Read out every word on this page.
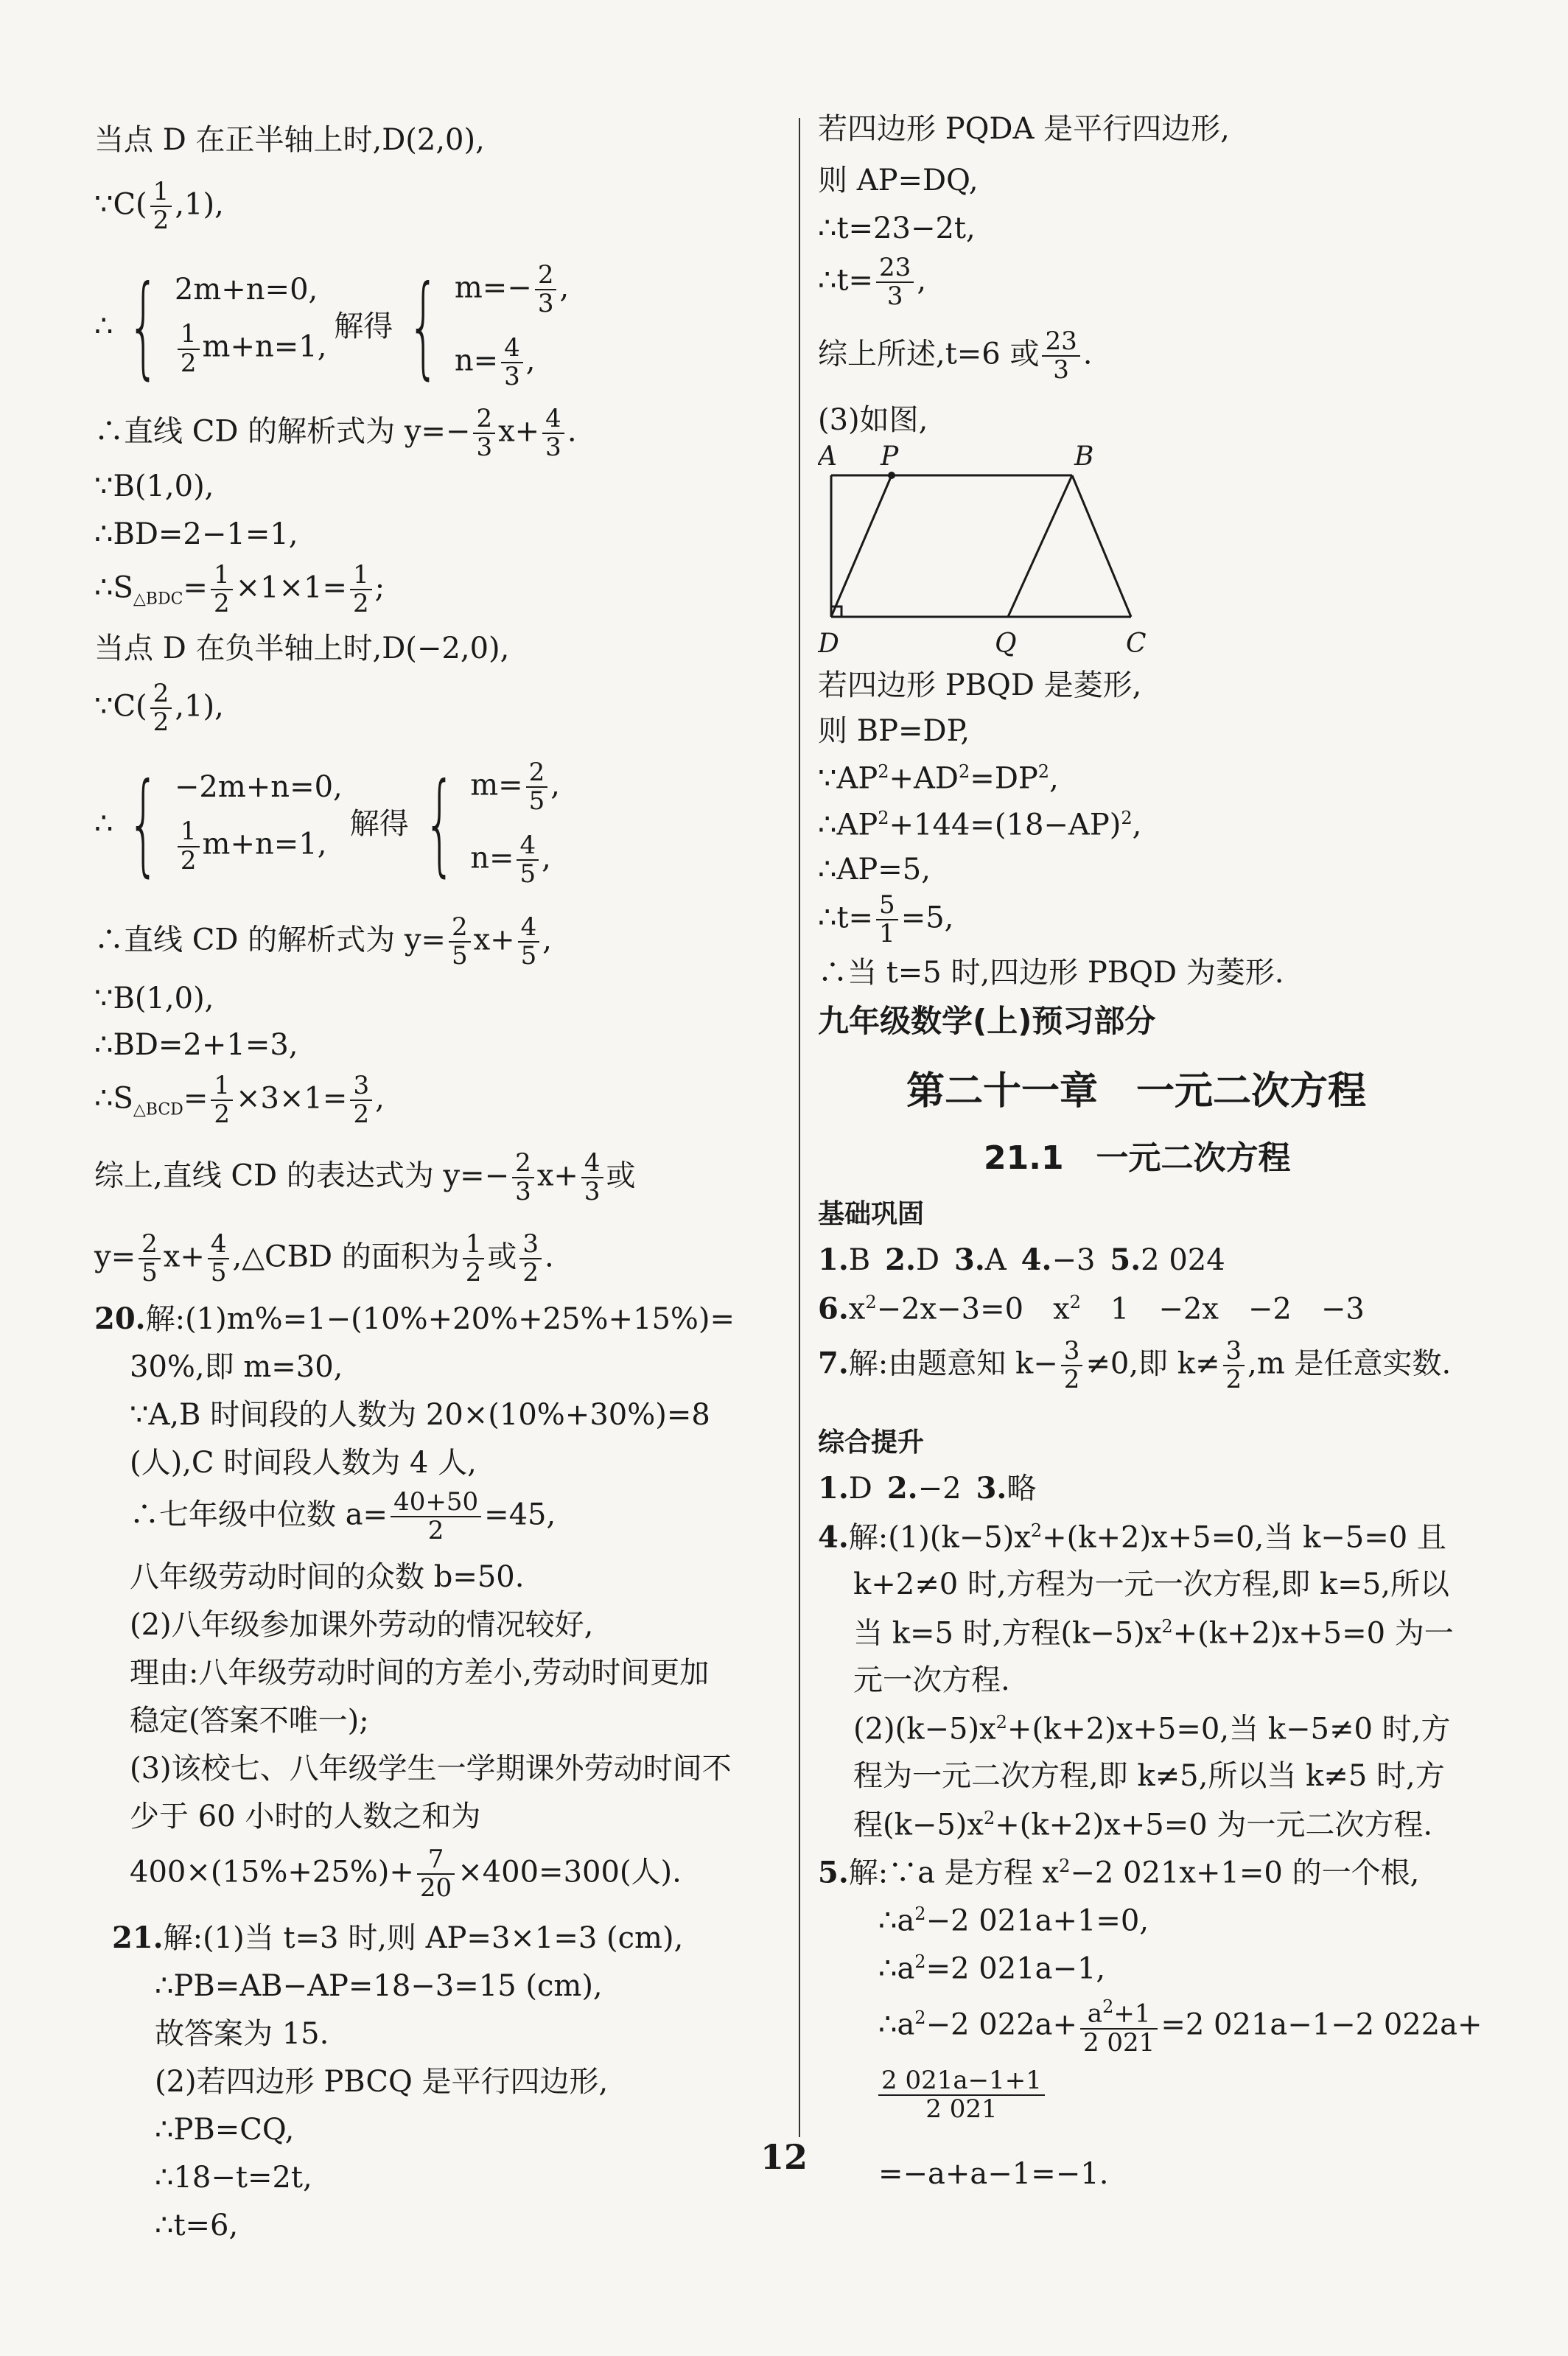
当点 D 在正半轴上时,D(2,0),
∵C( $\frac{1}{2} ,1$),
∴ { 2m+n=0,
$\frac{1}{2} m+n=1$,
解得 { $m=- \frac{2}{3}$ ,
$n= \frac{4}{3}$ ,
∴直线 CD 的解析式为 $y=- \frac{2}{3} x+ \frac{4}{3}$ .
∵B(1,0),
∴BD=2−1=1,
$\therefore S_{\triangle BDC}= \frac{1}{2} \times 1\times 1= \frac{1}{2}$ ;
当点 D 在负半轴上时,D(−2,0),
∵C( $\frac{2}{2} ,1$),
∴ { −2m+n=0,
$\frac{1}{2} m+n=1$,
解得 { $m= \frac{2}{5}$ ,
$n= \frac{4}{5}$ ,
∴直线 CD 的解析式为 $y= \frac{2}{5} x+ \frac{4}{5}$ ,
∵B(1,0),
∴BD=2+1=3,
$\therefore S_{\triangle BCD}= \frac{1}{2} \times 3\times 1= \frac{3}{2}$ ,
综上,直线 CD 的表达式为 $y=- \frac{2}{3} x+ \frac{4}{3}$ 或
$y= \frac{2}{5} x+ \frac{4}{5}$ ,△CBD 的面积为 $\frac{1}{2}$ 或 $\frac{3}{2}$ .
20.解:(1)m%=1−(10%+20%+25%+15%)=
30%,即 m=30,
∵A,B 时间段的人数为 20×(10%+30%)=8
(人),C 时间段人数为 4 人,
∴七年级中位数 $a= \frac{40+50}{2} =45$,
八年级劳动时间的众数 b=50.
(2)八年级参加课外劳动的情况较好,
理由:八年级劳动时间的方差小,劳动时间更加
稳定(答案不唯一);
(3)该校七、八年级学生一学期课外劳动时间不
少于 60 小时的人数之和为
$400\times(15\%+25\%)+ \frac{7}{20} \times 400=300$(人).
21.解:(1)当 t=3 时,则 AP=3×1=3 (cm),
∴PB=AB−AP=18−3=15 (cm),
故答案为 15.
(2)若四边形 PBCQ 是平行四边形,
∴PB=CQ,
∴18−t=2t,
∴t=6,
若四边形 PQDA 是平行四边形,
则 AP=DQ,
∴t=23−2t,
∴t= $\frac{23}{3}$ ,
综上所述,t=6 或 $\frac{23}{3}$ .
(3)如图,
A P	B
D	Q	C
若四边形 PBQD 是菱形,
则 BP=DP,
$\because AP^2+AD^2=DP^2$,
$\therefore AP^2+144=(18-AP)^2$,
∴AP=5,
∴t= $\frac{5}{1} =5$,
∴当 t=5 时,四边形 PBQD 为菱形.
九年级数学(上)预习部分
第二十一章　一元二次方程
21.1　一元二次方程
基础巩固
1.B  2.D  3.A  4.−3  5.2 024
$6.x^2-2x-3=0$  $x^2$  1  −2x  −2  −3
7.解:由题意知 $k- \frac{3}{2} \ne 0$,即 $k\ne \frac{3}{2} ,m$ 是任意实数.
综合提升
1.D  2.−2  3.略
4.解$:(1)(k-5)x^2+(k+2)x+5=0$,当 k−5=0 且
k+2≠0 时,方程为一元一次方程,即 k=5,所以
当 k=5 时,方程$(k-5)x^2+(k+2)x+5=0$ 为一
元一次方程.
$(2)(k-5)x^2+(k+2)x+5=0$,当 k−5≠0 时,方
程为一元二次方程,即 k≠5,所以当 k≠5 时,方
程$(k-5)x^2+(k+2)x+5=0$ 为一元二次方程.
5.解:∵a 是方程 $x^2-2$ 021x+1=0 的一个根,
$\therefore a^2-2$ 021a+1=0,
$\therefore a^2=2$ 021a−1,
$\therefore a^2-2$ $022a+ \frac{a^2+1}{2 021} =2$ 021a−1−2 022a+
$\frac{2 021a-1+1}{2 021}$
=−a+a−1=−1.
12
